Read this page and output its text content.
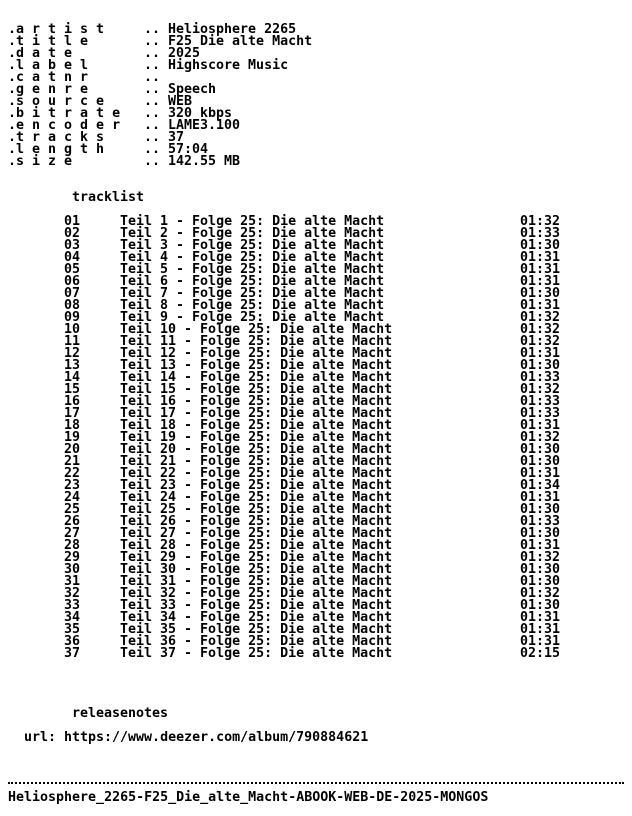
.a r t i s t	.. Heliosphere 2265
.t i t l e	.. F25 Die alte Macht
.d a t e	.. 2025
.l a b e l	.. Highscore Music
.c a t n r	..
.g e n r e	.. Speech
.s o u r c e	.. WEB
.b i t r a t e	.. 320 kbps
.e n c o d e r	.. LAME3.100
.t r a c k s	.. 37
.l e n g t h	.. 57:04
.s i z e	.. 142.55 MB
tracklist
01	Teil 1 - Folge 25: Die alte Macht	01:32
02	Teil 2 - Folge 25: Die alte Macht	01:33
03	Teil 3 - Folge 25: Die alte Macht	01:30
04	Teil 4 - Folge 25: Die alte Macht	01:31
05	Teil 5 - Folge 25: Die alte Macht	01:31
06	Teil 6 - Folge 25: Die alte Macht	01:31
07	Teil 7 - Folge 25: Die alte Macht	01:30
08	Teil 8 - Folge 25: Die alte Macht	01:31
09	Teil 9 - Folge 25: Die alte Macht	01:32
10	Teil 10 - Folge 25: Die alte Macht	01:32
11	Teil 11 - Folge 25: Die alte Macht	01:32
12	Teil 12 - Folge 25: Die alte Macht	01:31
13	Teil 13 - Folge 25: Die alte Macht	01:30
14	Teil 14 - Folge 25: Die alte Macht	01:33
15	Teil 15 - Folge 25: Die alte Macht	01:32
16	Teil 16 - Folge 25: Die alte Macht	01:33
17	Teil 17 - Folge 25: Die alte Macht	01:33
18	Teil 18 - Folge 25: Die alte Macht	01:31
19	Teil 19 - Folge 25: Die alte Macht	01:32
20	Teil 20 - Folge 25: Die alte Macht	01:30
21	Teil 21 - Folge 25: Die alte Macht	01:30
22	Teil 22 - Folge 25: Die alte Macht	01:31
23	Teil 23 - Folge 25: Die alte Macht	01:34
24	Teil 24 - Folge 25: Die alte Macht	01:31
25	Teil 25 - Folge 25: Die alte Macht	01:30
26	Teil 26 - Folge 25: Die alte Macht	01:33
27	Teil 27 - Folge 25: Die alte Macht	01:30
28	Teil 28 - Folge 25: Die alte Macht	01:31
29	Teil 29 - Folge 25: Die alte Macht	01:32
30	Teil 30 - Folge 25: Die alte Macht	01:30
31	Teil 31 - Folge 25: Die alte Macht	01:30
32	Teil 32 - Folge 25: Die alte Macht	01:32
33	Teil 33 - Folge 25: Die alte Macht	01:30
34	Teil 34 - Folge 25: Die alte Macht	01:31
35	Teil 35 - Folge 25: Die alte Macht	01:31
36	Teil 36 - Folge 25: Die alte Macht	01:31
37	Teil 37 - Folge 25: Die alte Macht	02:15
releasenotes
url: https://www.deezer.com/album/790884621
Heliosphere_2265-F25_Die_alte_Macht-ABOOK-WEB-DE-2025-MONGOS
